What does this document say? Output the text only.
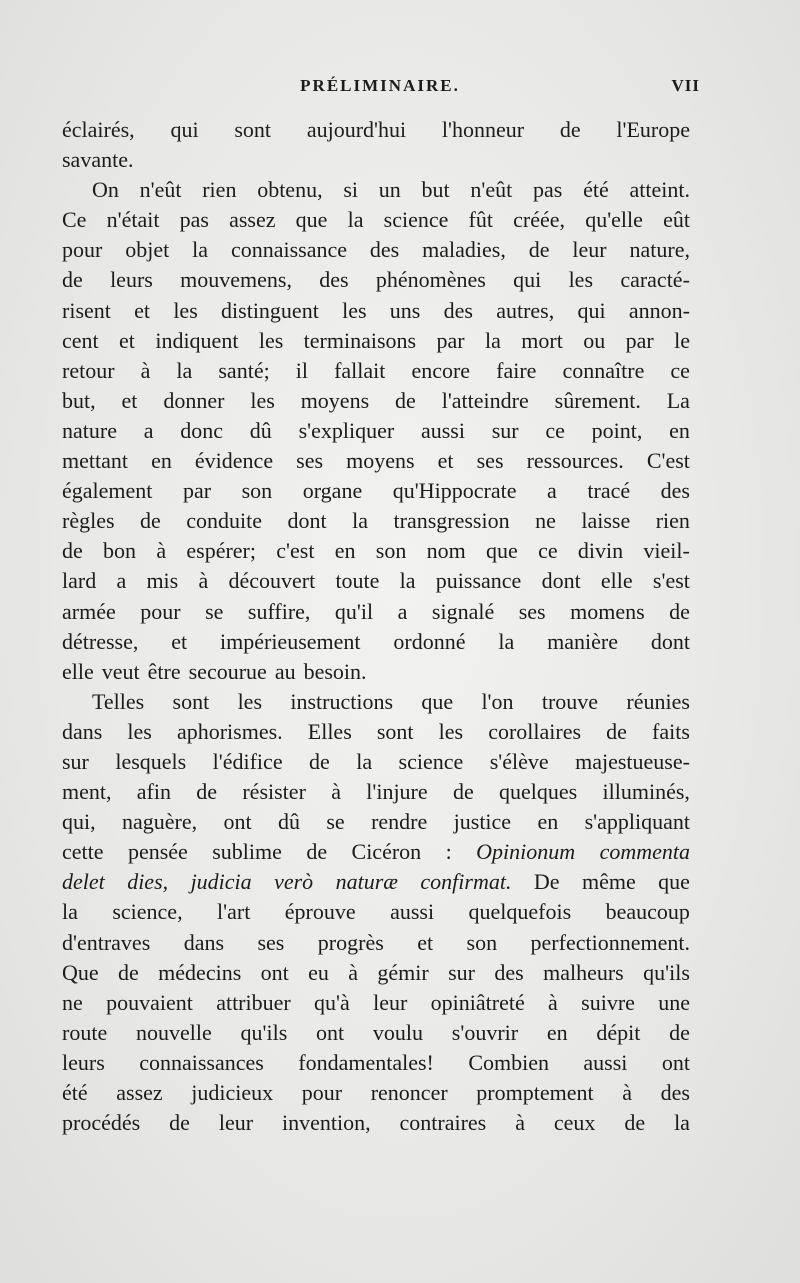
PRÉLIMINAIRE.	VII
éclairés, qui sont aujourd'hui l'honneur de l'Europe
savante.
On n'eût rien obtenu, si un but n'eût pas été atteint.
Ce n'était pas assez que la science fût créée, qu'elle eût
pour objet la connaissance des maladies, de leur nature,
de leurs mouvemens, des phénomènes qui les caracté-
risent et les distinguent les uns des autres, qui annon-
cent et indiquent les terminaisons par la mort ou par le
retour à la santé; il fallait encore faire connaître ce
but, et donner les moyens de l'atteindre sûrement. La
nature a donc dû s'expliquer aussi sur ce point, en
mettant en évidence ses moyens et ses ressources. C'est
également par son organe qu'Hippocrate a tracé des
règles de conduite dont la transgression ne laisse rien
de bon à espérer; c'est en son nom que ce divin vieil-
lard a mis à découvert toute la puissance dont elle s'est
armée pour se suffire, qu'il a signalé ses momens de
détresse, et impérieusement ordonné la manière dont
elle veut être secourue au besoin.
Telles sont les instructions que l'on trouve réunies
dans les aphorismes. Elles sont les corollaires de faits
sur lesquels l'édifice de la science s'élève majestueuse-
ment, afin de résister à l'injure de quelques illuminés,
qui, naguère, ont dû se rendre justice en s'appliquant
cette pensée sublime de Cicéron : Opinionum commenta
delet dies, judicia verò naturæ confirmat. De même que
la science, l'art éprouve aussi quelquefois beaucoup
d'entraves dans ses progrès et son perfectionnement.
Que de médecins ont eu à gémir sur des malheurs qu'ils
ne pouvaient attribuer qu'à leur opiniâtreté à suivre une
route nouvelle qu'ils ont voulu s'ouvrir en dépit de
leurs connaissances fondamentales! Combien aussi ont
été assez judicieux pour renoncer promptement à des
procédés de leur invention, contraires à ceux de la
